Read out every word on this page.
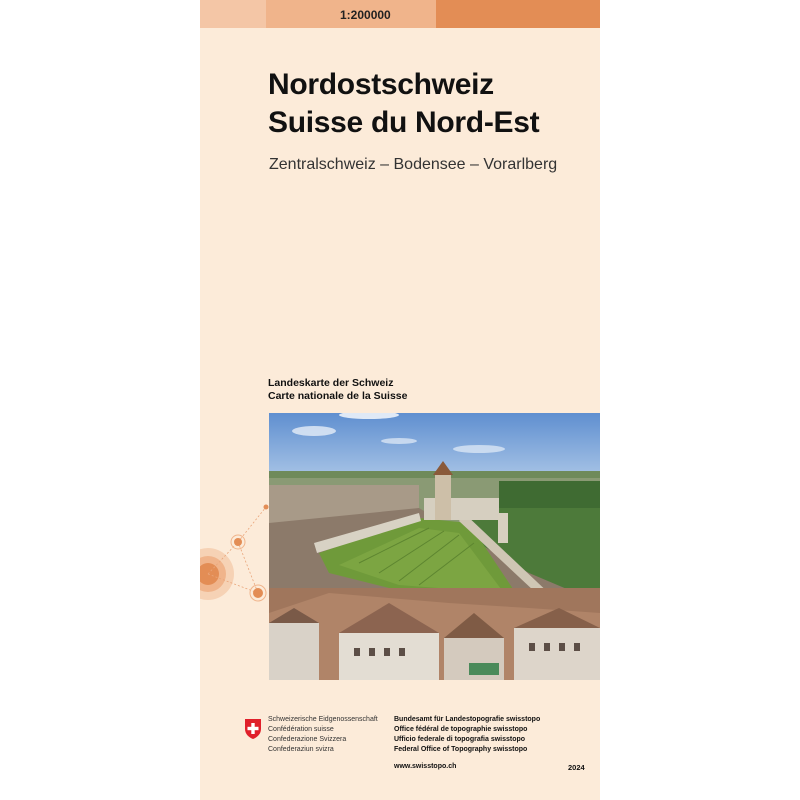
1:200000
Nordostschweiz
Suisse du Nord-Est
Zentralschweiz – Bodensee – Vorarlberg
Landeskarte der Schweiz
Carte nationale de la Suisse
Schweizerische Eidgenossenschaft
Confédération suisse
Confederazione Svizzera
Confederaziun svizra
Bundesamt für Landestopografie swisstopo
Office fédéral de topographie swisstopo
Ufficio federale di topografia swisstopo
Federal Office of Topography swisstopo
www.swisstopo.ch	2024
